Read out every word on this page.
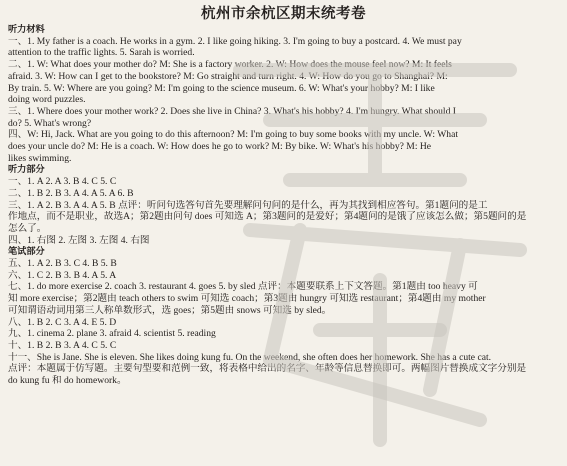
杭州市余杭区期末统考卷
听力材料
一、1. My father is a coach. He works in a gym. 2. I like going hiking. 3. I'm going to buy a postcard. 4. We must pay
attention to the traffic lights. 5. Sarah is worried.
二、1. W: What does your mother do? M: She is a factory worker. 2. W: How does the mouse feel now? M: It feels
afraid. 3. W: How can I get to the bookstore? M: Go straight and turn right. 4. W: How do you go to Shanghai? M:
By train. 5. W: Where are you going? M: I'm going to the science museum. 6. W: What's your hobby? M: I like
doing word puzzles.
三、1. Where does your mother work? 2. Does she live in China? 3. What's his hobby? 4. I'm hungry. What should I
do? 5. What's wrong?
四、W: Hi, Jack. What are you going to do this afternoon? M: I'm going to buy some books with my uncle. W: What
does your uncle do? M: He is a coach. W: How does he go to work? M: By bike. W: What's his hobby? M: He
likes swimming.
听力部分
一、1. A 2. A 3. B 4. C 5. C
二、1. B 2. B 3. A 4. A 5. A 6. B
三、1. A 2. B 3. A 4. A 5. B 点评：听问句选答句首先要理解问句问的是什么，再为其找到相应答句。第1题问的是工
作地点，而不是职业，故选A；第2题由问句 does 可知选 A；第3题问的是爱好；第4题问的是饿了应该怎么做；第5题问的是
怎么了。
四、1. 右图 2. 左图 3. 左图 4. 右图
笔试部分
五、1. A 2. B 3. C 4. B 5. B
六、1. C 2. B 3. B 4. A 5. A
七、1. do more exercise 2. coach 3. restaurant 4. goes 5. by sled 点评：本题要联系上下文答题。第1题由 too heavy 可
知 more exercise；第2题由 teach others to swim 可知选 coach；第3题由 hungry 可知选 restaurant；第4题由 my mother
可知谓语动词用第三人称单数形式，选 goes；第5题由 snows 可知选 by sled。
八、1. B 2. C 3. A 4. E 5. D
九、1. cinema 2. plane 3. afraid 4. scientist 5. reading
十、1. B 2. B 3. A 4. C 5. C
十一、She is Jane. She is eleven. She likes doing kung fu. On the weekend, she often does her homework. She has a cute cat.
点评：本题属于仿写题。主要句型要和范例一致，将表格中给出的名字、年龄等信息替换即可。两幅图片替换成文字分别是
do kung fu 和 do homework。
